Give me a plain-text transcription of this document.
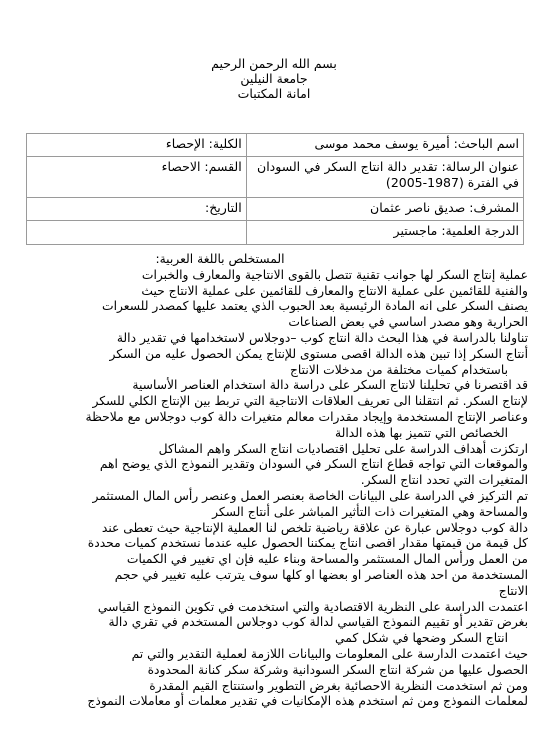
بسم الله الرحمن الرحيم
جامعة النيلين
امانة المكتبات
اسم الباحث: أميرة يوسف محمد موسى	الكلية: الإحصاء
عنوان الرسالة: تقدير دالة انتاج السكر في السودان في الفترة (1987-2005)	القسم: الاحصاء
المشرف: صديق ناصر عثمان	التاريخ:
الدرجة العلمية: ماجستير	

المستخلص باللغة العربية:

عملية إنتاج السكر لها جوانب تقنية تتصل بالقوى الانتاجية والمعارف والخبرات

والفنية للقائمين على عملية الانتاج والمعارف للقائمين على عملية الانتاج حيث

يصنف السكر على انه المادة الرئيسية بعد الحبوب الذي يعتمد عليها كمصدر للسعرات

الحرارية وهو مصدر اساسي في بعض الصناعات

تناولنا بالدراسة في هذا البحث دالة انتاج كوب –دوجلاس لاستخدامها في تقدير دالة

أنتاج السكر إذا تبين هذه الدالة اقصى مستوى للإنتاج يمكن الحصول عليه من السكر

باستخدام كميات مختلفة من مدخلات الانتاج

قد اقتصرنا في تحليلنا لانتاج السكر على دراسة دالة استخدام العناصر الأساسية

لإنتاج السكر. ثم انتقلنا الى تعريف العلاقات الانتاجية التي تربط بين الإنتاج الكلي للسكر

وعناصر الإنتاج المستخدمة وإيجاد مقدرات معالم متغيرات دالة كوب دوجلاس مع ملاحظة

الخصائص التي تتميز بها هذه الدالة

ارتكزت أهداف الدراسة على تحليل اقتصاديات انتاج السكر واهم المشاكل

والموقعات التي تواجه قطاع انتاج السكر في السودان وتقدير النموذج الذي يوضح اهم

المتغيرات التي تحدد انتاج السكر.

تم التركيز في الدراسة على البيانات الخاصة بعنصر العمل وعنصر رأس المال المستثمر

والمساحة وهي المتغيرات ذات التأثير المباشر على أنتاج السكر

دالة كوب دوجلاس عبارة عن علاقة رياضية تلخص لنا العملية الإنتاجية حيث تعطى عند

كل قيمة من قيمتها مقدار اقصى انتاج يمكننا الحصول عليه عندما نستخدم كميات محددة

من العمل ورأس المال المستثمر والمساحة وبناء عليه فإن اي تغيير في الكميات

المستخدمة من احد هذه العناصر او بعضها او كلها سوف يترتب عليه تغيير في حجم

الانتاج

اعتمدت الدراسة على النظرية الاقتصادية والتي استخدمت في تكوين النموذج القياسي

بغرض تقدير أو تقييم النموذج القياسي لدالة كوب دوجلاس المستخدم في تقري دالة

انتاج السكر وضحها في شكل كمي

حيث اعتمدت الدارسة على المعلومات والبيانات اللازمة لعملية التقدير والتي تم

الحصول عليها من شركة انتاج السكر السودانية وشركة سكر كنانة المحدودة

ومن ثم استخدمت النظرية الاحصائية بغرض التطوير واستنتاج القيم المقدرة

لمعلمات النموذج ومن ثم استخدم هذه الإمكانيات في تقدير معلمات أو معاملات النموذج
